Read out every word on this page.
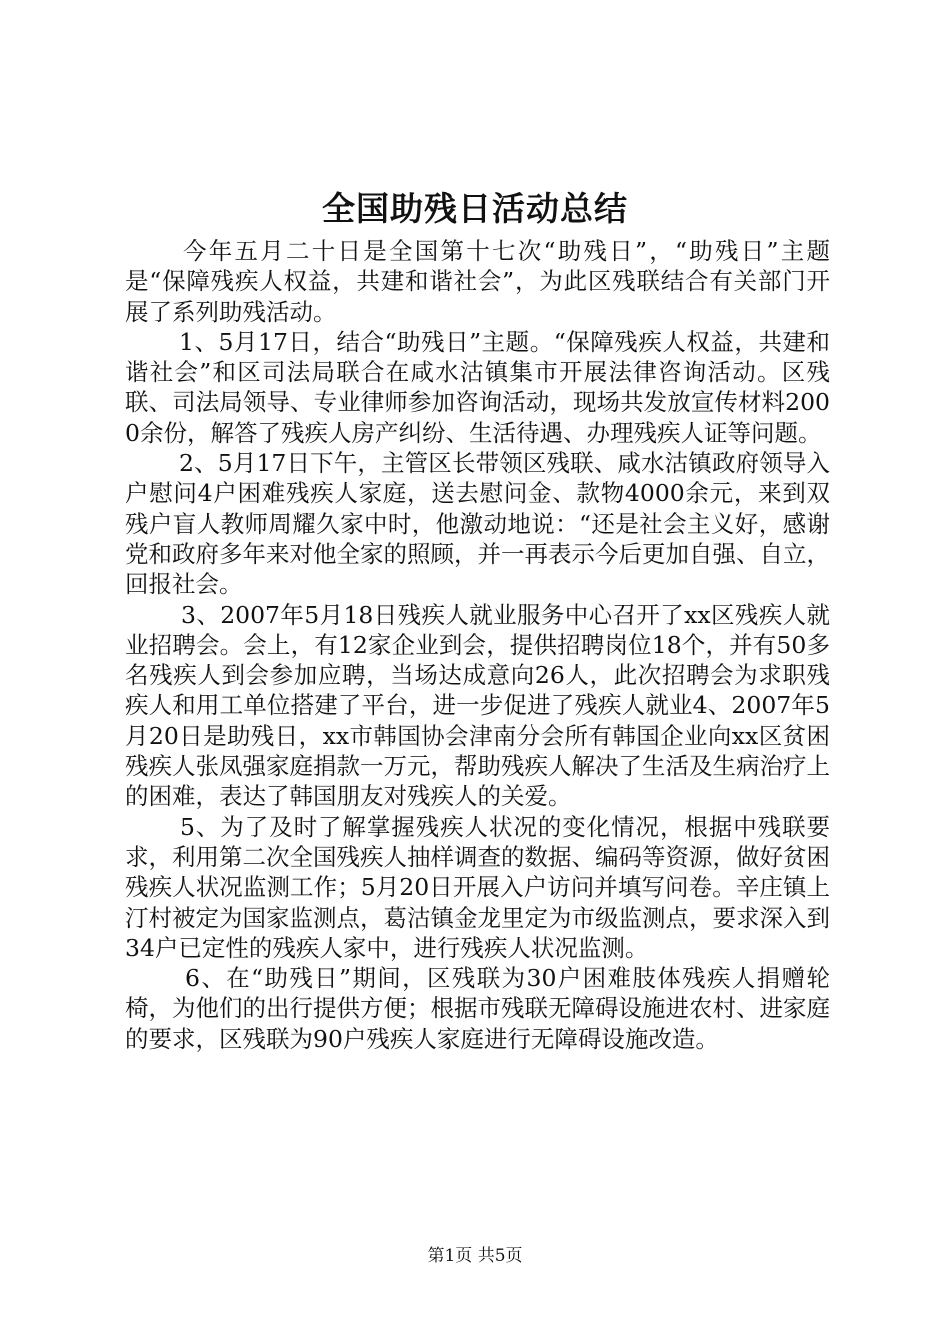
全国助残日活动总结

今年五月二十日是全国第十七次“助残日”，“助残日”主题是“保障残疾人权益，共建和谐社会”，为此区残联结合有关部门开展了系列助残活动。

1、5月17日，结合“助残日”主题。“保障残疾人权益，共建和谐社会”和区司法局联合在咸水沽镇集市开展法律咨询活动。区残联、司法局领导、专业律师参加咨询活动，现场共发放宣传材料2000余份，解答了残疾人房产纠纷、生活待遇、办理残疾人证等问题。

2、5月17日下午，主管区长带领区残联、咸水沽镇政府领导入户慰问4户困难残疾人家庭，送去慰问金、款物4000余元，来到双残户盲人教师周耀久家中时，他激动地说：“还是社会主义好，感谢党和政府多年来对他全家的照顾，并一再表示今后更加自强、自立，回报社会。

3、2007年5月18日残疾人就业服务中心召开了xx区残疾人就业招聘会。会上，有12家企业到会，提供招聘岗位18个，并有50多名残疾人到会参加应聘，当场达成意向26人，此次招聘会为求职残疾人和用工单位搭建了平台，进一步促进了残疾人就业4、2007年5月20日是助残日，xx市韩国协会津南分会所有韩国企业向xx区贫困残疾人张凤强家庭捐款一万元，帮助残疾人解决了生活及生病治疗上的困难，表达了韩国朋友对残疾人的关爱。

5、为了及时了解掌握残疾人状况的变化情况，根据中残联要求，利用第二次全国残疾人抽样调查的数据、编码等资源，做好贫困残疾人状况监测工作；5月20日开展入户访问并填写问卷。辛庄镇上汀村被定为国家监测点，葛沽镇金龙里定为市级监测点，要求深入到34户已定性的残疾人家中，进行残疾人状况监测。

6、在“助残日”期间，区残联为30户困难肢体残疾人捐赠轮椅，为他们的出行提供方便；根据市残联无障碍设施进农村、进家庭的要求，区残联为90户残疾人家庭进行无障碍设施改造。

第1页 共5页
